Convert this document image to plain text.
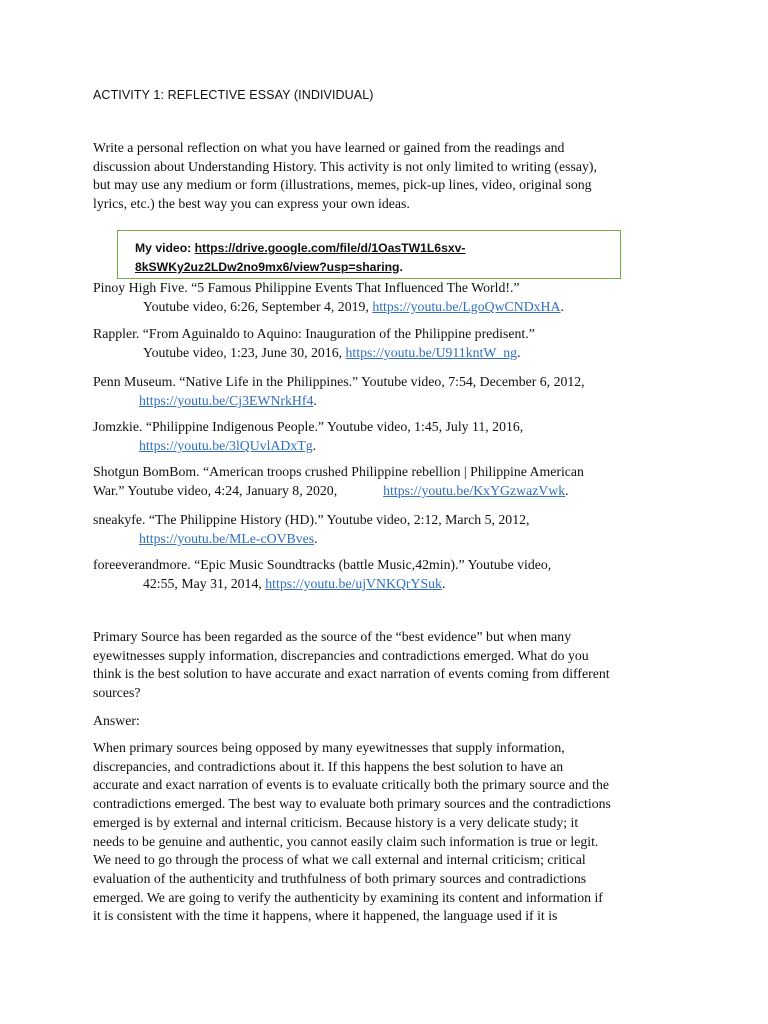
ACTIVITY 1: REFLECTIVE ESSAY (INDIVIDUAL)

Write a personal reflection on what you have learned or gained from the readings and
discussion about Understanding History. This activity is not only limited to writing (essay),
but may use any medium or form (illustrations, memes, pick-up lines, video, original song
lyrics, etc.) the best way you can express your own ideas.

My video: https://drive.google.com/file/d/1OasTW1L6sxv-
8kSWKy2uz2LDw2no9mx6/view?usp=sharing.
Pinoy High Five. “5 Famous Philippine Events That Influenced The World!.”
Youtube video, 6:26, September 4, 2019, https://youtu.be/LgoQwCNDxHA.
Rappler. “From Aguinaldo to Aquino: Inauguration of the Philippine predisent.”
Youtube video, 1:23, June 30, 2016, https://youtu.be/U911kntW_ng.
Penn Museum. “Native Life in the Philippines.” Youtube video, 7:54, December 6, 2012,
https://youtu.be/Cj3EWNrkHf4.
Jomzkie. “Philippine Indigenous People.” Youtube video, 1:45, July 11, 2016,
https://youtu.be/3lQUvlADxTg.
Shotgun BomBom. “American troops crushed Philippine rebellion | Philippine American
War.” Youtube video, 4:24, January 8, 2020,	https://youtu.be/KxYGzwazVwk.
sneakyfe. “The Philippine History (HD).” Youtube video, 2:12, March 5, 2012,
https://youtu.be/MLe-cOVBves.
foreeverandmore. “Epic Music Soundtracks (battle Music,42min).” Youtube video,
42:55, May 31, 2014, https://youtu.be/ujVNKQrYSuk.

Primary Source has been regarded as the source of the “best evidence” but when many
eyewitnesses supply information, discrepancies and contradictions emerged. What do you
think is the best solution to have accurate and exact narration of events coming from different
sources?

Answer:

When primary sources being opposed by many eyewitnesses that supply information,
discrepancies, and contradictions about it. If this happens the best solution to have an
accurate and exact narration of events is to evaluate critically both the primary source and the
contradictions emerged. The best way to evaluate both primary sources and the contradictions
emerged is by external and internal criticism. Because history is a very delicate study; it
needs to be genuine and authentic, you cannot easily claim such information is true or legit.
We need to go through the process of what we call external and internal criticism; critical
evaluation of the authenticity and truthfulness of both primary sources and contradictions
emerged. We are going to verify the authenticity by examining its content and information if
it is consistent with the time it happens, where it happened, the language used if it is
